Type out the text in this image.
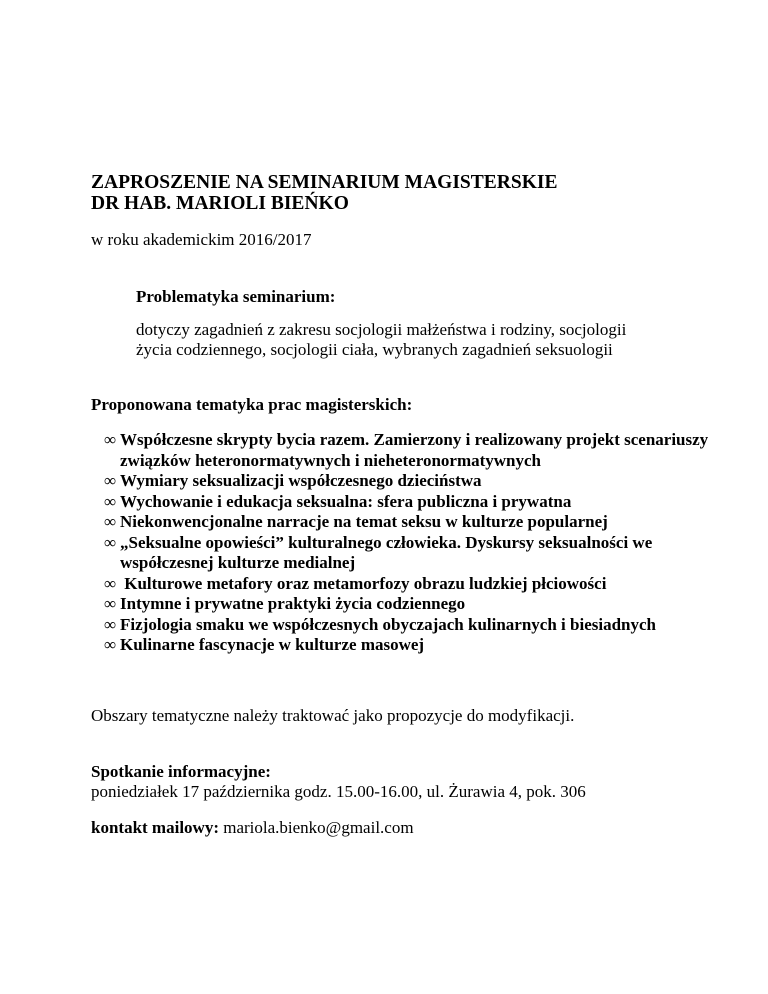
ZAPROSZENIE NA SEMINARIUM MAGISTERSKIE
DR HAB. MARIOLI BIEŃKO
w roku akademickim 2016/2017
Problematyka seminarium:
dotyczy zagadnień z zakresu socjologii małżeństwa i rodziny, socjologii
życia codziennego, socjologii ciała, wybranych zagadnień seksuologii
Proponowana tematyka prac magisterskich:
∞ Współczesne skrypty bycia razem. Zamierzony i realizowany projekt scenariuszy związków heteronormatywnych i nieheteronormatywnych
∞ Wymiary seksualizacji współczesnego dzieciństwa
∞ Wychowanie i edukacja seksualna: sfera publiczna i prywatna
∞ Niekonwencjonalne narracje na temat seksu w kulturze popularnej
∞ „Seksualne opowieści” kulturalnego człowieka. Dyskursy seksualności we współczesnej kulturze medialnej
∞ Kulturowe metafory oraz metamorfozy obrazu ludzkiej płciowości
∞ Intymne i prywatne praktyki życia codziennego
∞ Fizjologia smaku we współczesnych obyczajach kulinarnych i biesiadnych
∞ Kulinarne fascynacje w kulturze masowej
Obszary tematyczne należy traktować jako propozycje do modyfikacji.
Spotkanie informacyjne:
poniedziałek 17 października godz. 15.00-16.00, ul. Żurawia 4, pok. 306
kontakt mailowy: mariola.bienko@gmail.com
